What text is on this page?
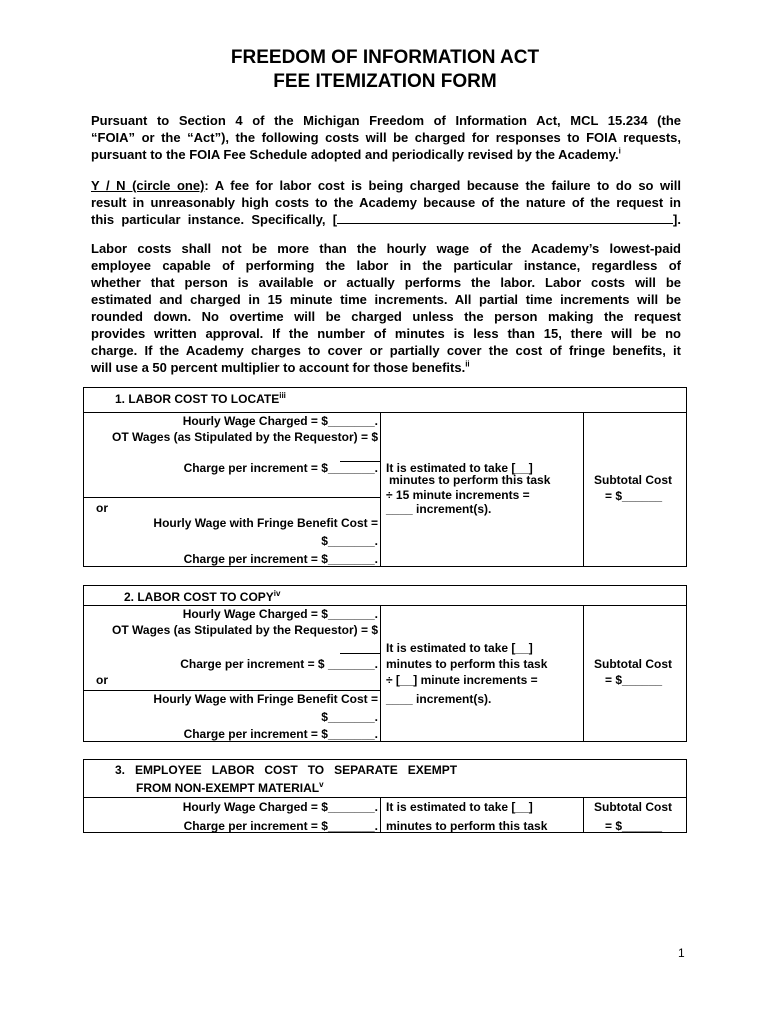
FREEDOM OF INFORMATION ACT
FEE ITEMIZATION FORM
Pursuant to Section 4 of the Michigan Freedom of Information Act, MCL 15.234 (the
“FOIA” or the “Act”), the following costs will be charged for responses to FOIA requests,
pursuant to the FOIA Fee Schedule adopted and periodically revised by the Academy.$^i$
Y / N (circle one): A fee for labor cost is being charged because the failure to do so will
result in unreasonably high costs to the Academy because of the nature of the request in
this particular instance. Specifically, [	].
Labor costs shall not be more than the hourly wage of the Academy’s lowest-paid
employee capable of performing the labor in the particular instance, regardless of
whether that person is available or actually performs the labor. Labor costs will be
estimated and charged in 15 minute time increments. All partial time increments will be
rounded down. No overtime will be charged unless the person making the request
provides written approval. If the number of minutes is less than 15, there will be no
charge. If the Academy charges to cover or partially cover the cost of fringe benefits, it
will use a 50 percent multiplier to account for those benefits.$^{ii}$
1. LABOR COST TO LOCATE$^{iii}$
Hourly Wage Charged = $_______.
OT Wages (as Stipulated by the Requestor) = $
Charge per increment = $_______.
or
Hourly Wage with Fringe Benefit Cost =
$_______.
Charge per increment = $_______.
It is estimated to take [__]
minutes to perform this task
÷ 15 minute increments =
____ increment(s).
Subtotal Cost
= $______
2. LABOR COST TO COPY$^{iv}$
Hourly Wage Charged = $_______.
OT Wages (as Stipulated by the Requestor) = $
Charge per increment = $ _______.
or
Hourly Wage with Fringe Benefit Cost =
$_______.
Charge per increment = $_______.
It is estimated to take [__]
minutes to perform this task
÷ [__] minute increments =
____ increment(s).
Subtotal Cost
= $______
3.   EMPLOYEE   LABOR   COST   TO   SEPARATE   EXEMPT
FROM NON-EXEMPT MATERIAL$^v$
Hourly Wage Charged = $_______.
Charge per increment = $_______.
It is estimated to take [__]
minutes to perform this task
Subtotal Cost
= $______
1
